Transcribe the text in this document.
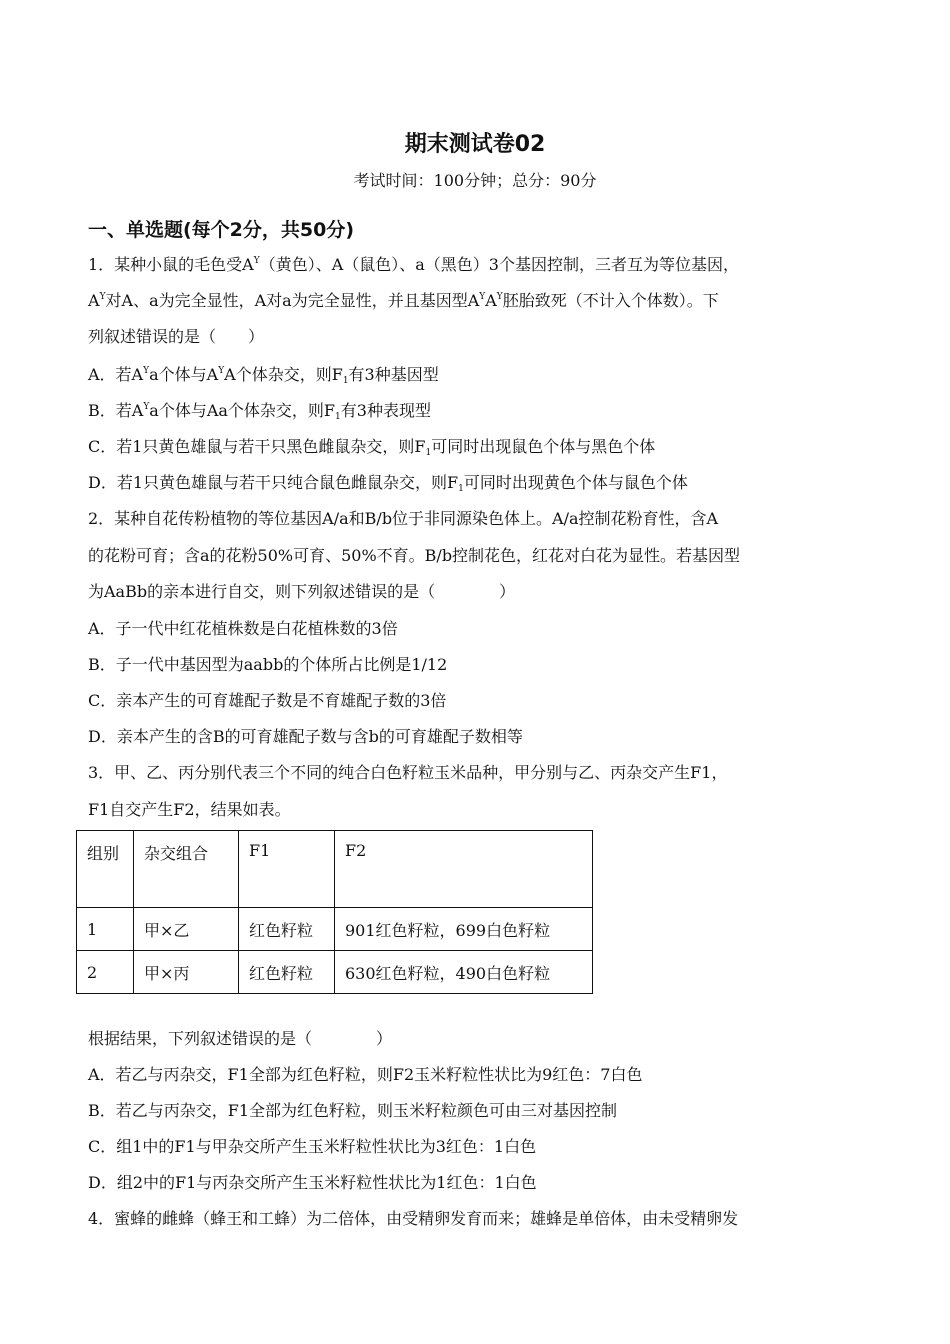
期末测试卷02
考试时间：100分钟；总分：90分
一、单选题(每个2分，共50分)
1．某种小鼠的毛色受$A^Y$（黄色）、A（鼠色）、a（黑色）3个基因控制，三者互为等位基因，
$A^Y$对A、a为完全显性，A对a为完全显性，并且基因型$A^YA^Y$胚胎致死（不计入个体数）。下
列叙述错误的是（　　）
A．若$A^Ya$个体与$A^YA$个体杂交，则$F_1$有3种基因型
B．若$A^Ya$个体与Aa个体杂交，则$F_1$有3种表现型
C．若1只黄色雄鼠与若干只黑色雌鼠杂交，则$F_1$可同时出现鼠色个体与黑色个体
D．若1只黄色雄鼠与若干只纯合鼠色雌鼠杂交，则$F_1$可同时出现黄色个体与鼠色个体
2．某种自花传粉植物的等位基因A/a和B/b位于非同源染色体上。A/a控制花粉育性，含A
的花粉可育；含a的花粉50%可育、50%不育。B/b控制花色，红花对白花为显性。若基因型
为AaBb的亲本进行自交，则下列叙述错误的是（　　　　）
A．子一代中红花植株数是白花植株数的3倍
B．子一代中基因型为aabb的个体所占比例是1/12
C．亲本产生的可育雄配子数是不育雄配子数的3倍
D．亲本产生的含B的可育雄配子数与含b的可育雄配子数相等
3．甲、乙、丙分别代表三个不同的纯合白色籽粒玉米品种，甲分别与乙、丙杂交产生F1，
F1自交产生F2，结果如表。
组别	杂交组合	F1	F2
1	甲×乙	红色籽粒	901红色籽粒，699白色籽粒
2	甲×丙	红色籽粒	630红色籽粒，490白色籽粒
根据结果，下列叙述错误的是（　　　　）
A．若乙与丙杂交，F1全部为红色籽粒，则F2玉米籽粒性状比为9红色：7白色
B．若乙与丙杂交，F1全部为红色籽粒，则玉米籽粒颜色可由三对基因控制
C．组1中的F1与甲杂交所产生玉米籽粒性状比为3红色：1白色
D．组2中的F1与丙杂交所产生玉米籽粒性状比为1红色：1白色
4．蜜蜂的雌蜂（蜂王和工蜂）为二倍体，由受精卵发育而来；雄蜂是单倍体，由未受精卵发
